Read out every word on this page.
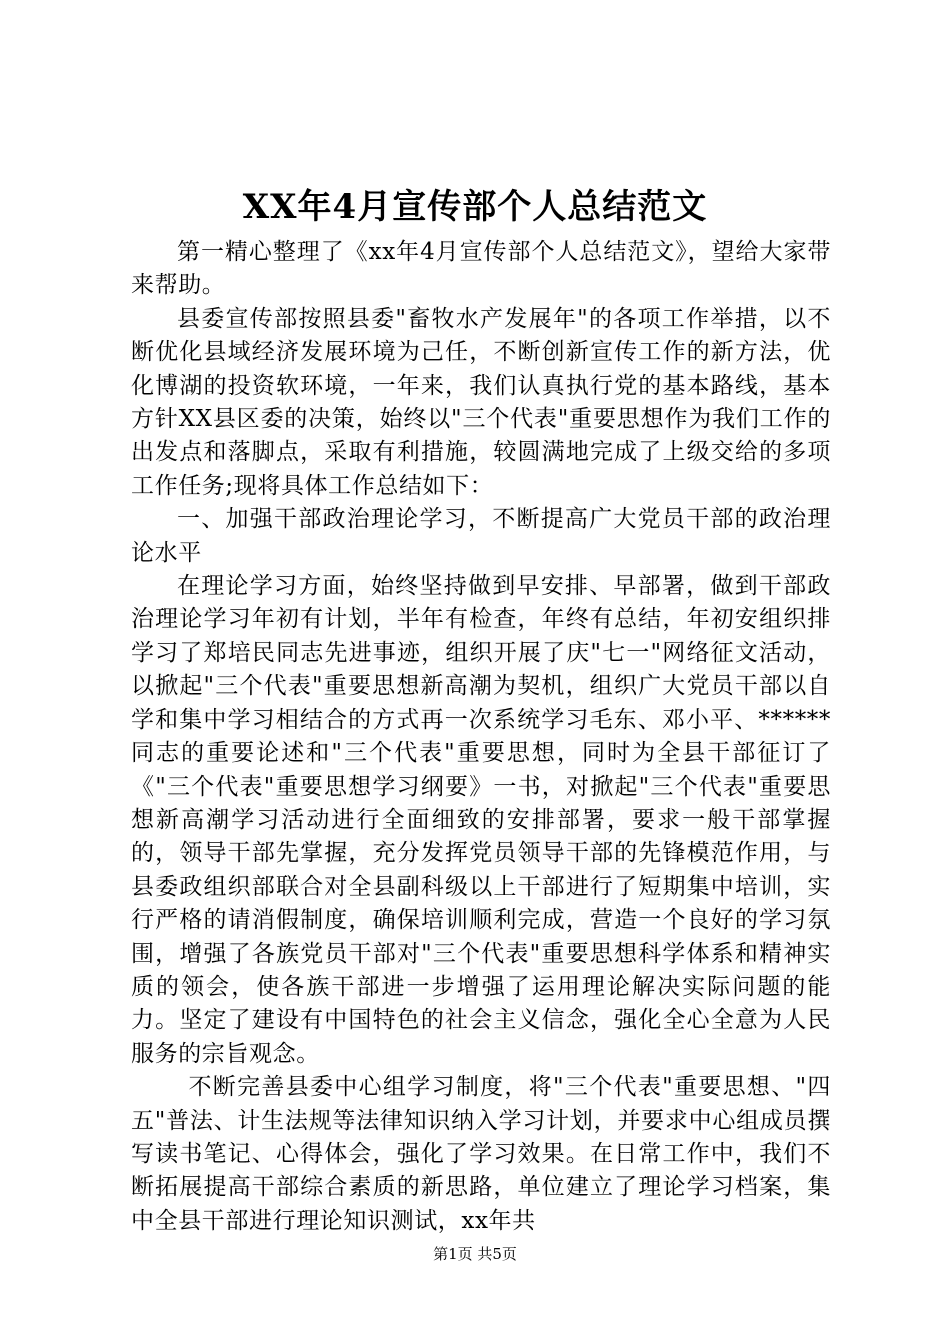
XX年4月宣传部个人总结范文

第一精心整理了《xx年4月宣传部个人总结范文》，望给大家带来帮助。

县委宣传部按照县委"畜牧水产发展年"的各项工作举措，以不断优化县域经济发展环境为己任，不断创新宣传工作的新方法，优化博湖的投资软环境，一年来，我们认真执行党的基本路线，基本方针XX县区委的决策，始终以"三个代表"重要思想作为我们工作的出发点和落脚点，采取有利措施，较圆满地完成了上级交给的多项工作任务;现将具体工作总结如下：

一、加强干部政治理论学习，不断提高广大党员干部的政治理论水平

在理论学习方面，始终坚持做到早安排、早部署，做到干部政治理论学习年初有计划，半年有检查，年终有总结，年初安组织排学习了郑培民同志先进事迹，组织开展了庆"七一"网络征文活动，以掀起"三个代表"重要思想新高潮为契机，组织广大党员干部以自学和集中学习相结合的方式再一次系统学习毛东、邓小平、******同志的重要论述和"三个代表"重要思想，同时为全县干部征订了《"三个代表"重要思想学习纲要》一书，对掀起"三个代表"重要思想新高潮学习活动进行全面细致的安排部署，要求一般干部掌握的，领导干部先掌握，充分发挥党员领导干部的先锋模范作用，与县委政组织部联合对全县副科级以上干部进行了短期集中培训，实行严格的请消假制度，确保培训顺利完成，营造一个良好的学习氛围，增强了各族党员干部对"三个代表"重要思想科学体系和精神实质的领会，使各族干部进一步增强了运用理论解决实际问题的能力。坚定了建设有中国特色的社会主义信念，强化全心全意为人民服务的宗旨观念。

不断完善县委中心组学习制度，将"三个代表"重要思想、"四五"普法、计生法规等法律知识纳入学习计划，并要求中心组成员撰写读书笔记、心得体会，强化了学习效果。在日常工作中，我们不断拓展提高干部综合素质的新思路，单位建立了理论学习档案，集中全县干部进行理论知识测试，xx年共

第1页 共5页
